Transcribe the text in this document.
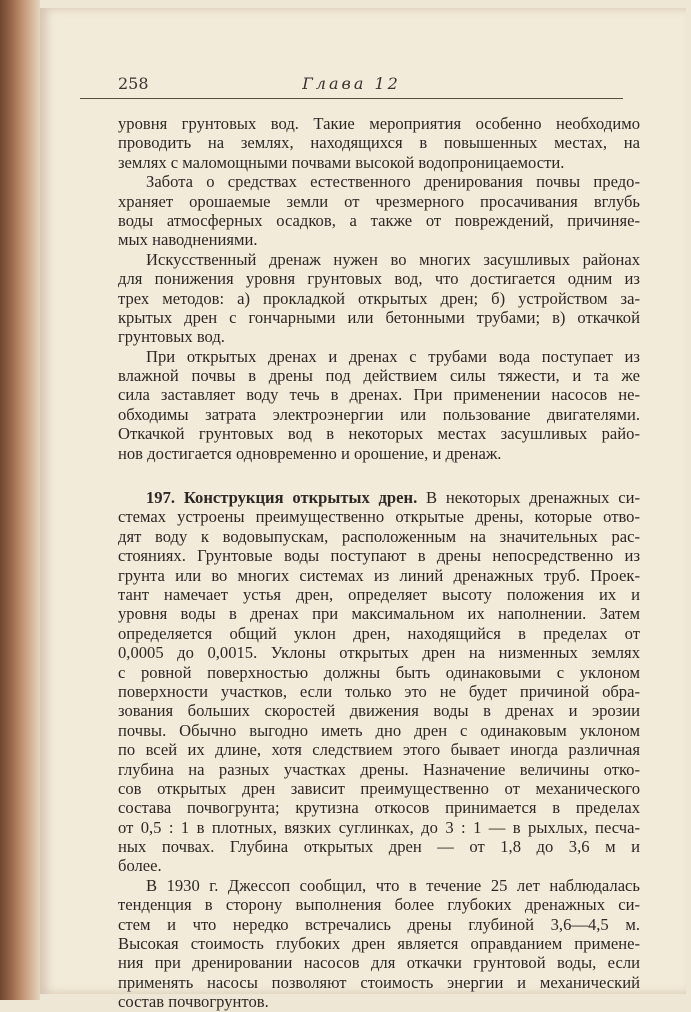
258	Глава 12
уровня грунтовых вод. Такие мероприятия особенно необходимо
проводить на землях, находящихся в повышенных местах, на
землях с маломощными почвами высокой водопроницаемости.
Забота о средствах естественного дренирования почвы предо-
храняет орошаемые земли от чрезмерного просачивания вглубь
воды атмосферных осадков, а также от повреждений, причиняе-
мых наводнениями.
Искусственный дренаж нужен во многих засушливых районах
для понижения уровня грунтовых вод, что достигается одним из
трех методов: а) прокладкой открытых дрен; б) устройством за-
крытых дрен с гончарными или бетонными трубами; в) откачкой
грунтовых вод.
При открытых дренах и дренах с трубами вода поступает из
влажной почвы в дрены под действием силы тяжести, и та же
сила заставляет воду течь в дренах. При применении насосов не-
обходимы затрата электроэнергии или пользование двигателями.
Откачкой грунтовых вод в некоторых местах засушливых райо-
нов достигается одновременно и орошение, и дренаж.
197. Конструкция открытых дрен. В некоторых дренажных си-
стемах устроены преимущественно открытые дрены, которые отво-
дят воду к водовыпускам, расположенным на значительных рас-
стояниях. Грунтовые воды поступают в дрены непосредственно из
грунта или во многих системах из линий дренажных труб. Проек-
тант намечает устья дрен, определяет высоту положения их и
уровня воды в дренах при максимальном их наполнении. Затем
определяется общий уклон дрен, находящийся в пределах от
0,0005 до 0,0015. Уклоны открытых дрен на низменных землях
с ровной поверхностью должны быть одинаковыми с уклоном
поверхности участков, если только это не будет причиной обра-
зования больших скоростей движения воды в дренах и эрозии
почвы. Обычно выгодно иметь дно дрен с одинаковым уклоном
по всей их длине, хотя следствием этого бывает иногда различная
глубина на разных участках дрены. Назначение величины отко-
сов открытых дрен зависит преимущественно от механического
состава почвогрунта; крутизна откосов принимается в пределах
от 0,5 : 1 в плотных, вязких суглинках, до 3 : 1 — в рыхлых, песча-
ных почвах. Глубина открытых дрен — от 1,8 до 3,6 м и
более.
В 1930 г. Джессоп сообщил, что в течение 25 лет наблюдалась
тенденция в сторону выполнения более глубоких дренажных си-
стем и что нередко встречались дрены глубиной 3,6—4,5 м.
Высокая стоимость глубоких дрен является оправданием примене-
ния при дренировании насосов для откачки грунтовой воды, если
применять насосы позволяют стоимость энергии и механический
состав почвогрунтов.
